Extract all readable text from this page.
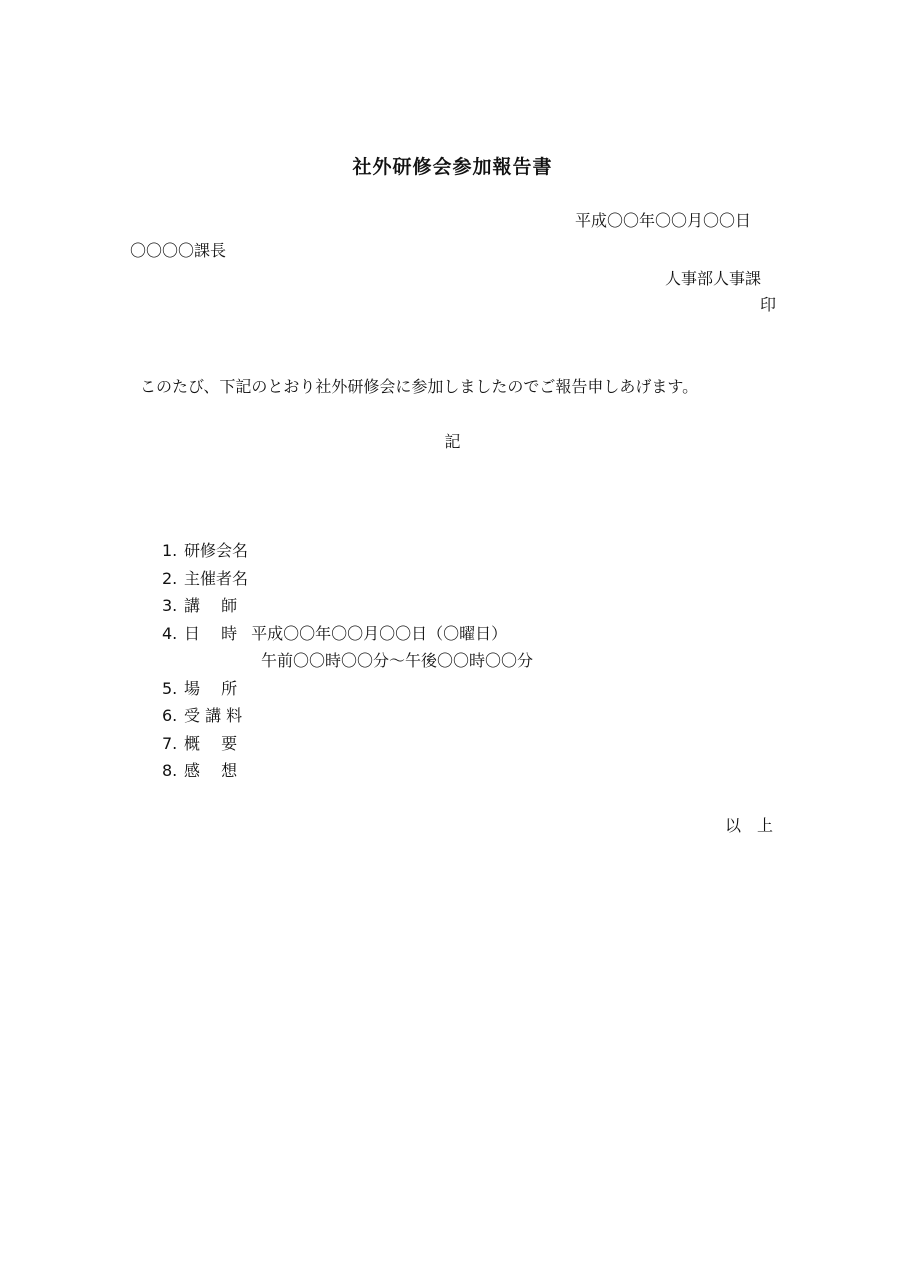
社外研修会参加報告書
平成〇〇年〇〇月〇〇日
〇〇〇〇課長
人事部人事課
印
このたび、下記のとおり社外研修会に参加しましたのでご報告申しあげます。
記
1. 研修会名
2. 主催者名
3. 講　 師
4. 日　 時 平成〇〇年〇〇月〇〇日（〇曜日）
午前〇〇時〇〇分～午後〇〇時〇〇分
5. 場　 所
6. 受 講 料
7. 概　 要
8. 感　 想
以　上
